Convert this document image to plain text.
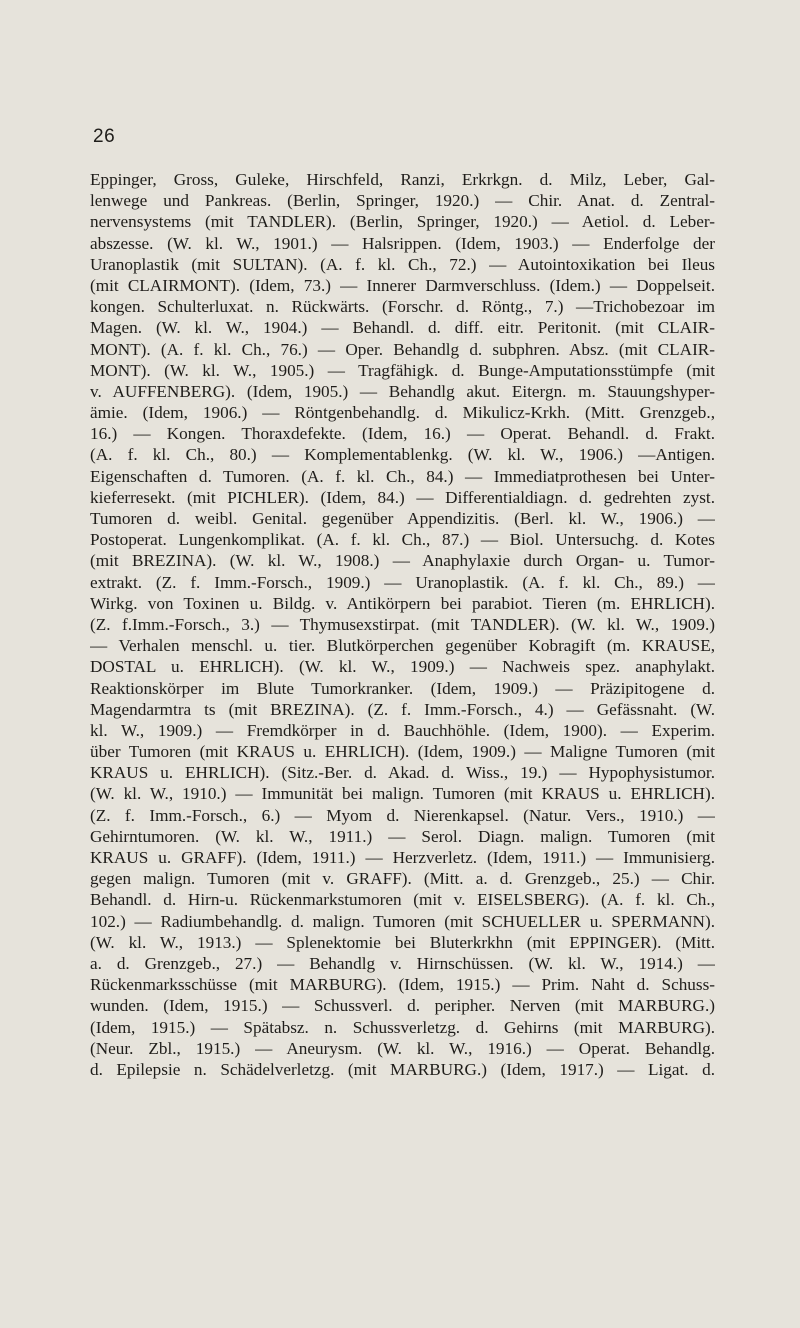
26
Eppinger, Gross, Guleke, Hirschfeld, Ranzi, Erkrkgn. d. Milz, Leber, Gal-
lenwege und Pankreas. (Berlin, Springer, 1920.) — Chir. Anat. d. Zentral-
nervensystems (mit TANDLER). (Berlin, Springer, 1920.) — Aetiol. d. Leber-
abszesse. (W. kl. W., 1901.) — Halsrippen. (Idem, 1903.) — Enderfolge der
Uranoplastik (mit SULTAN). (A. f. kl. Ch., 72.) — Autointoxikation bei Ileus
(mit CLAIRMONT). (Idem, 73.) — Innerer Darmverschluss. (Idem.) — Doppelseit.
kongen. Schulterluxat. n. Rückwärts. (Forschr. d. Röntg., 7.) —Trichobezoar im
Magen. (W. kl. W., 1904.) — Behandl. d. diff. eitr. Peritonit. (mit CLAIR-
MONT). (A. f. kl. Ch., 76.) — Oper. Behandlg d. subphren. Absz. (mit CLAIR-
MONT). (W. kl. W., 1905.) — Tragfähigk. d. Bunge-Amputationsstümpfe (mit
v. AUFFENBERG). (Idem, 1905.) — Behandlg akut. Eitergn. m. Stauungshyper-
ämie. (Idem, 1906.) — Röntgenbehandlg. d. Mikulicz-Krkh. (Mitt. Grenzgeb.,
16.) — Kongen. Thoraxdefekte. (Idem, 16.) — Operat. Behandl. d. Frakt.
(A. f. kl. Ch., 80.) — Komplementablenkg. (W. kl. W., 1906.) —Antigen.
Eigenschaften d. Tumoren. (A. f. kl. Ch., 84.) — Immediatprothesen bei Unter-
kieferresekt. (mit PICHLER). (Idem, 84.) — Differentialdiagn. d. gedrehten zyst.
Tumoren d. weibl. Genital. gegenüber Appendizitis. (Berl. kl. W., 1906.) —
Postoperat. Lungenkomplikat. (A. f. kl. Ch., 87.) — Biol. Untersuchg. d. Kotes
(mit BREZINA). (W. kl. W., 1908.) — Anaphylaxie durch Organ- u. Tumor-
extrakt. (Z. f. Imm.-Forsch., 1909.) — Uranoplastik. (A. f. kl. Ch., 89.) —
Wirkg. von Toxinen u. Bildg. v. Antikörpern bei parabiot. Tieren (m. EHRLICH).
(Z. f.Imm.-Forsch., 3.) — Thymusexstirpat. (mit TANDLER). (W. kl. W., 1909.)
— Verhalen menschl. u. tier. Blutkörperchen gegenüber Kobragift (m. KRAUSE,
DOSTAL u. EHRLICH). (W. kl. W., 1909.) — Nachweis spez. anaphylakt.
Reaktionskörper im Blute Tumorkranker. (Idem, 1909.) — Präzipitogene d.
Magendarmtra ts (mit BREZINA). (Z. f. Imm.-Forsch., 4.) — Gefässnaht. (W.
kl. W., 1909.) — Fremdkörper in d. Bauchhöhle. (Idem, 1900). — Experim.
über Tumoren (mit KRAUS u. EHRLICH). (Idem, 1909.) — Maligne Tumoren (mit
KRAUS u. EHRLICH). (Sitz.-Ber. d. Akad. d. Wiss., 19.) — Hypophysistumor.
(W. kl. W., 1910.) — Immunität bei malign. Tumoren (mit KRAUS u. EHRLICH).
(Z. f. Imm.-Forsch., 6.) — Myom d. Nierenkapsel. (Natur. Vers., 1910.) —
Gehirntumoren. (W. kl. W., 1911.) — Serol. Diagn. malign. Tumoren (mit
KRAUS u. GRAFF). (Idem, 1911.) — Herzverletz. (Idem, 1911.) — Immunisierg.
gegen malign. Tumoren (mit v. GRAFF). (Mitt. a. d. Grenzgeb., 25.) — Chir.
Behandl. d. Hirn-u. Rückenmarkstumoren (mit v. EISELSBERG). (A. f. kl. Ch.,
102.) — Radiumbehandlg. d. malign. Tumoren (mit SCHUELLER u. SPERMANN).
(W. kl. W., 1913.) — Splenektomie bei Bluterkrkhn (mit EPPINGER). (Mitt.
a. d. Grenzgeb., 27.) — Behandlg v. Hirnschüssen. (W. kl. W., 1914.) —
Rückenmarksschüsse (mit MARBURG). (Idem, 1915.) — Prim. Naht d. Schuss-
wunden. (Idem, 1915.) — Schussverl. d. peripher. Nerven (mit MARBURG.)
(Idem, 1915.) — Spätabsz. n. Schussverletzg. d. Gehirns (mit MARBURG).
(Neur. Zbl., 1915.) — Aneurysm. (W. kl. W., 1916.) — Operat. Behandlg.
d. Epilepsie n. Schädelverletzg. (mit MARBURG.) (Idem, 1917.) — Ligat. d.
